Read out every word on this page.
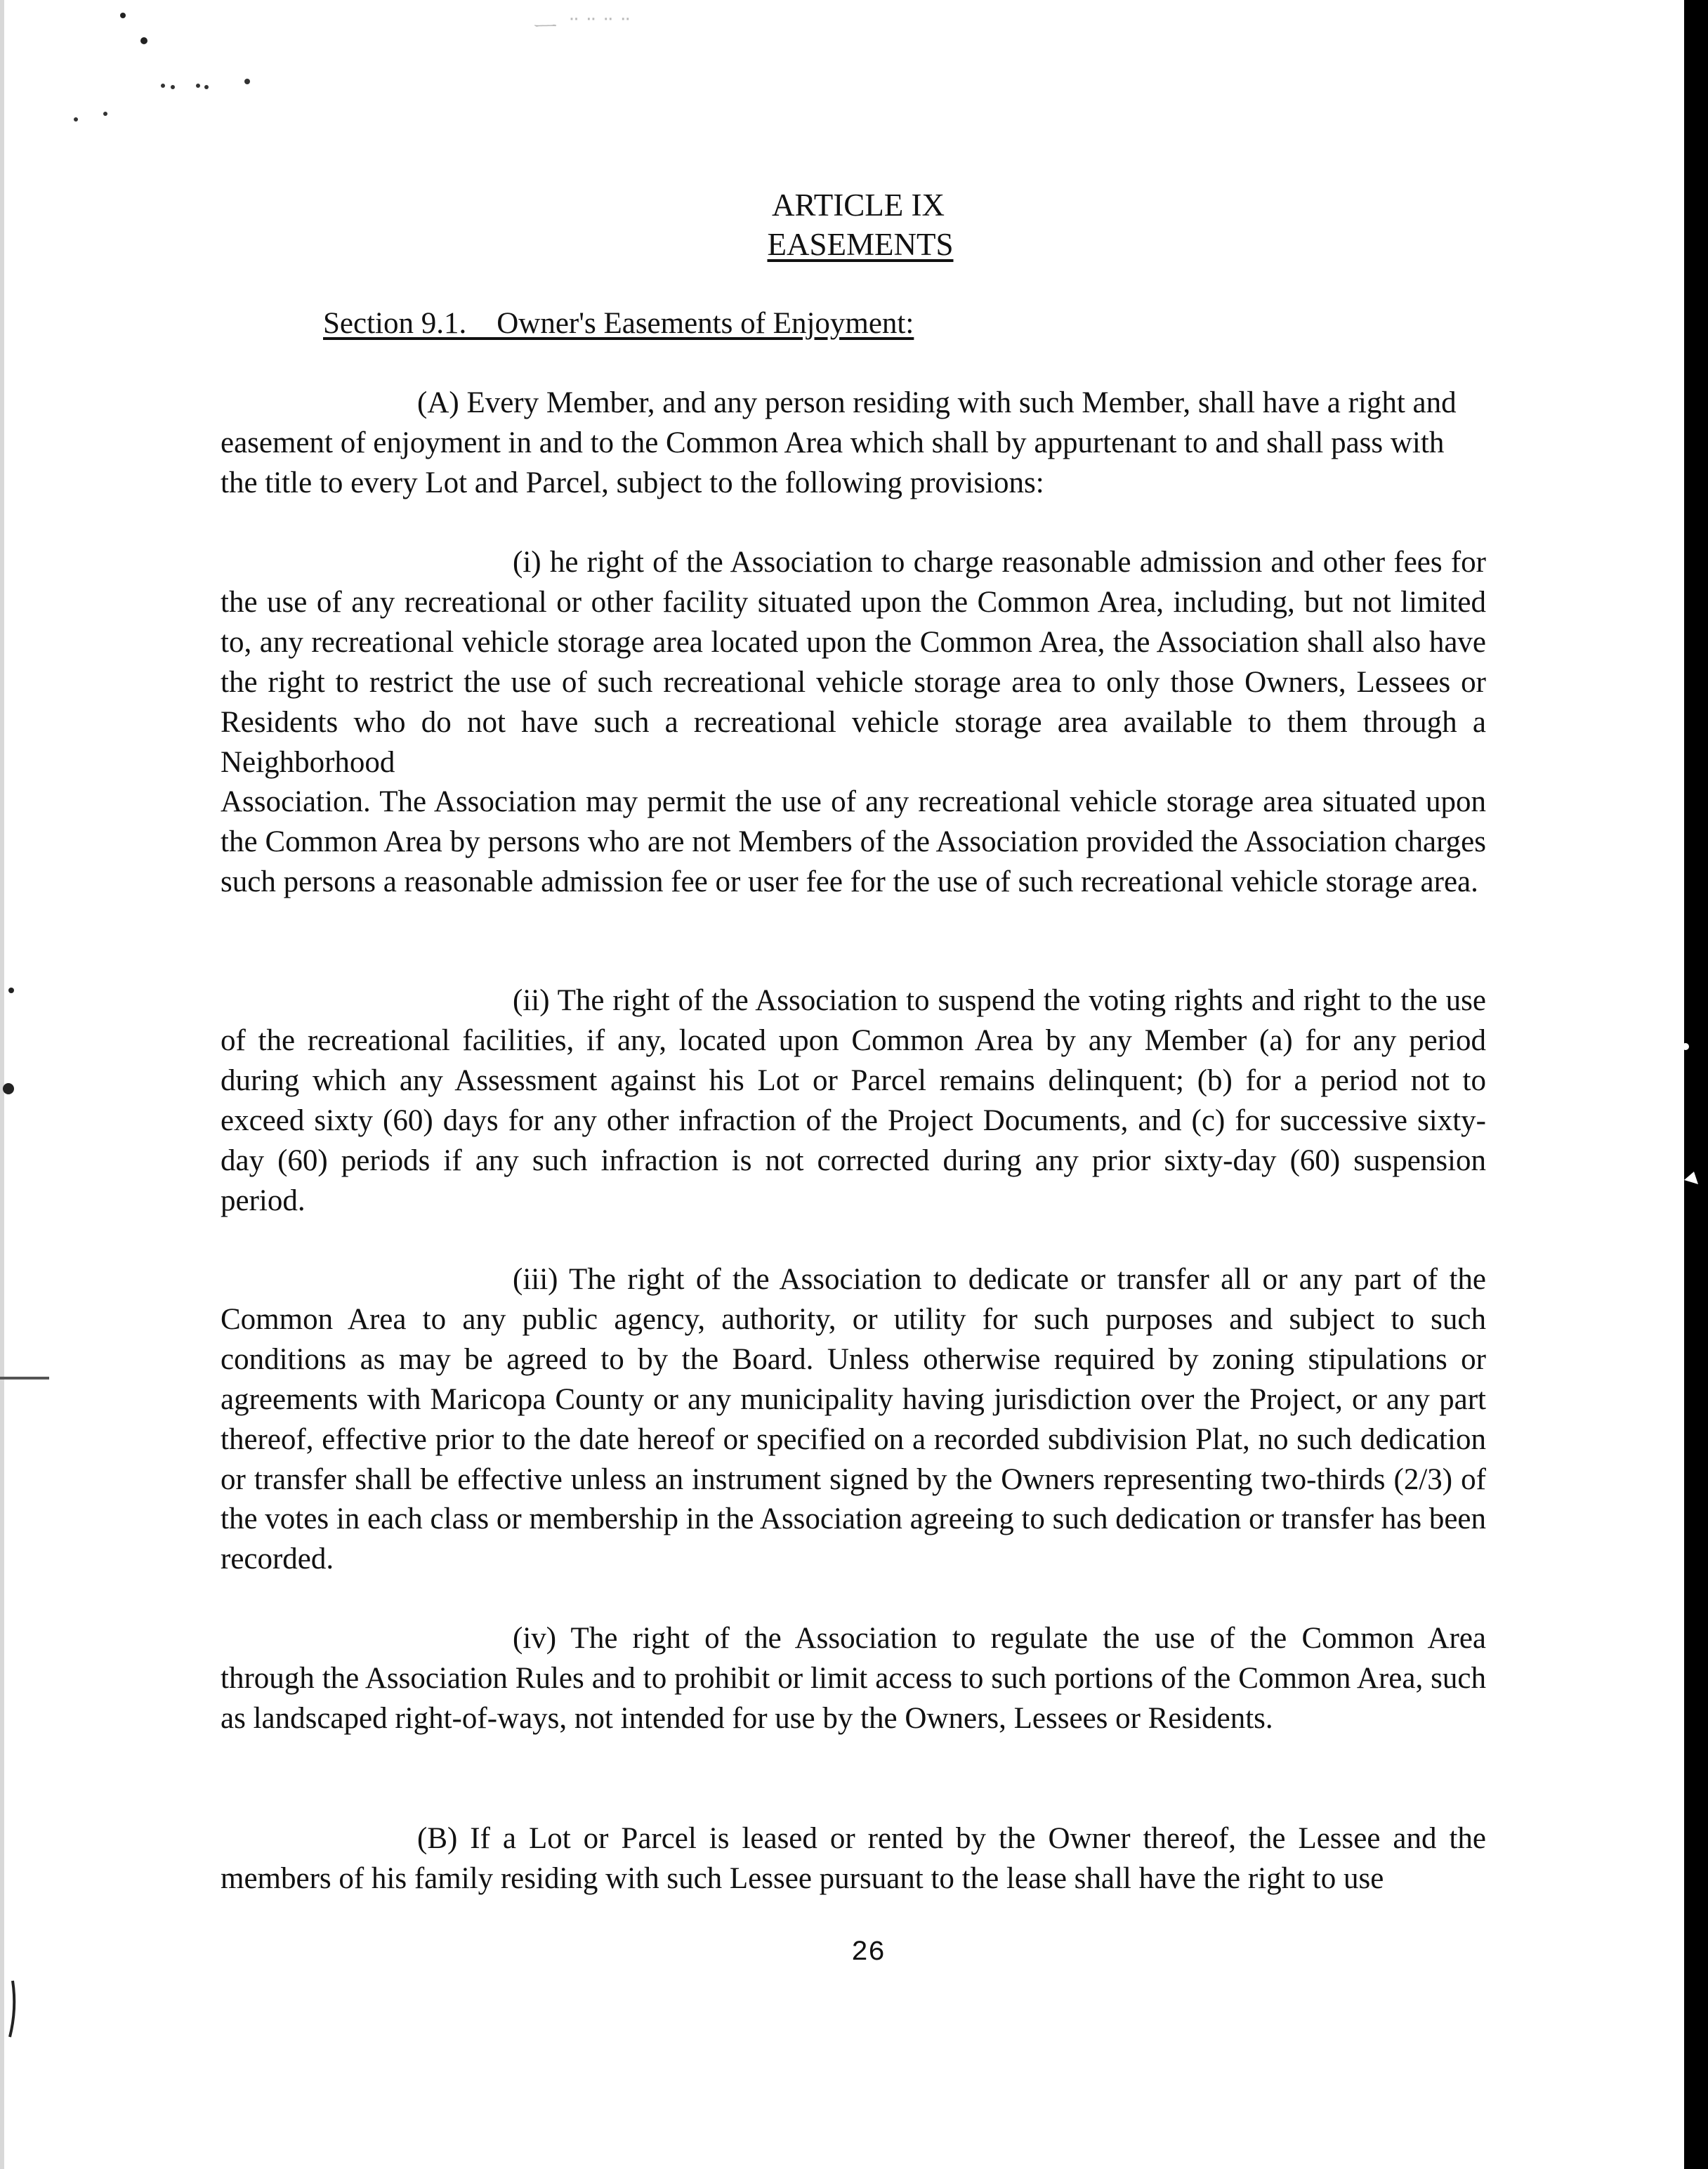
ᅳ ̈ ̈ ̈ ̈
ARTICLE IX
EASEMENTS
Section 9.1.    Owner's Easements of Enjoyment:
(A) Every Member, and any person residing with such Member, shall have a right and easement of enjoyment in and to the Common Area which shall by appurtenant to and shall pass with the title to every Lot and Parcel, subject to the following provisions:
(i) he right of the Association to charge reasonable admission and other fees for the use of any recreational or other facility situated upon the Common Area, including, but not limited to, any recreational vehicle storage area located upon the Common Area, the Association shall also have the right to restrict the use of such recreational vehicle storage area to only those Owners, Lessees or Residents who do not have such a recreational vehicle storage area available to them through a Neighborhood
Association. The Association may permit the use of any recreational vehicle storage area situated upon the Common Area by persons who are not Members of the Association provided the Association charges such persons a reasonable admission fee or user fee for the use of such recreational vehicle storage area.
(ii) The right of the Association to suspend the voting rights and right to the use of the recreational facilities, if any, located upon Common Area by any Member (a) for any period during which any Assessment against his Lot or Parcel remains delinquent; (b) for a period not to exceed sixty (60) days for any other infraction of the Project Documents, and (c) for successive sixty-day (60) periods if any such infraction is not corrected during any prior sixty-day (60) suspension period.
(iii) The right of the Association to dedicate or transfer all or any part of the Common Area to any public agency, authority, or utility for such purposes and subject to such conditions as may be agreed to by the Board. Unless otherwise required by zoning stipulations or agreements with Maricopa County or any municipality having jurisdiction over the Project, or any part thereof, effective prior to the date hereof or specified on a recorded subdivision Plat, no such dedication or transfer shall be effective unless an instrument signed by the Owners representing two-thirds (2/3) of the votes in each class or membership in the Association agreeing to such dedication or transfer has been recorded.
(iv) The right of the Association to regulate the use of the Common Area through the Association Rules and to prohibit or limit access to such portions of the Common Area, such as landscaped right-of-ways, not intended for use by the Owners, Lessees or Residents.
(B) If a Lot or Parcel is leased or rented by the Owner thereof, the Lessee and the members of his family residing with such Lessee pursuant to the lease shall have the right to use
26
